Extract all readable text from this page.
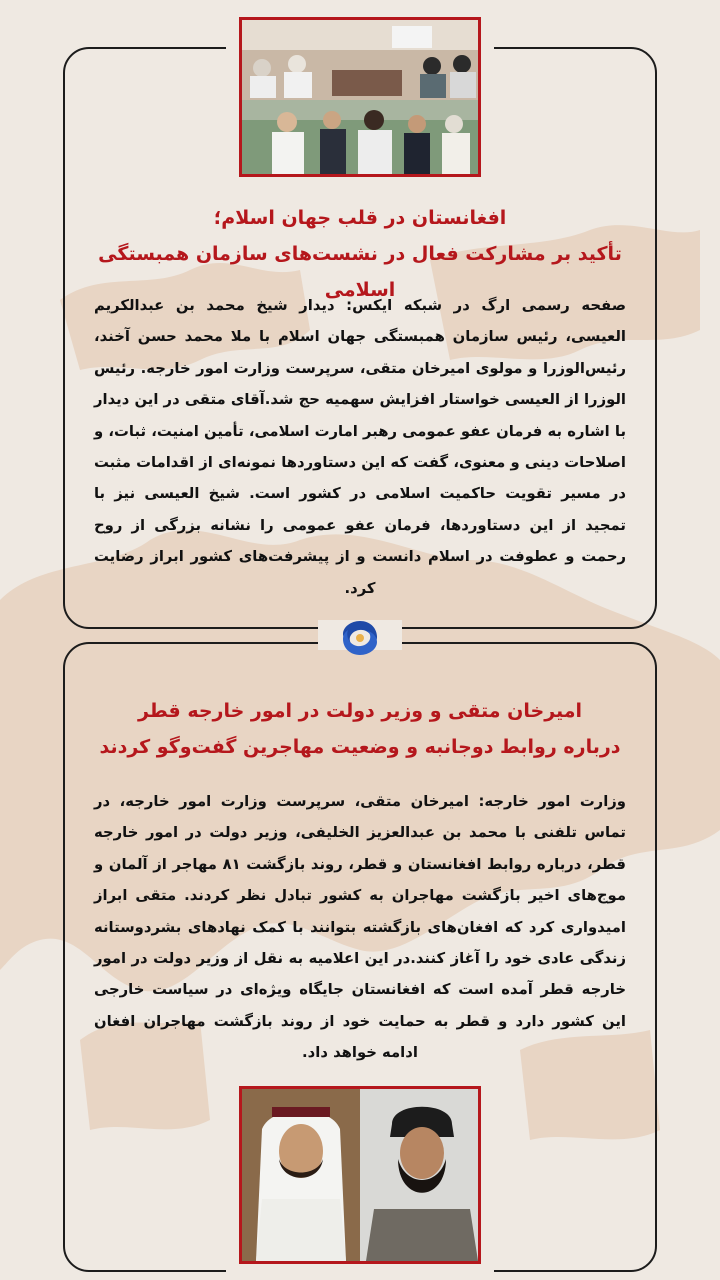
افغانستان در قلب جهان اسلام؛
تأکید بر مشارکت فعال در نشست‌های سازمان همبستگی اسلامی
صفحه رسمی ارگ در شبکه ایکس: دیدار شیخ محمد بن عبدالکریم العیسی، رئیس سازمان همبستگی جهان اسلام با ملا محمد حسن آخند، رئیس‌الوزرا و مولوی امیرخان متقی، سرپرست وزارت امور خارجه. رئیس الوزرا از العیسی خواستار افزایش سهمیه حج شد.آقای متقی در این دیدار با اشاره به فرمان عفو عمومی رهبر امارت اسلامی، تأمین امنیت، ثبات، و اصلاحات دینی و معنوی، گفت که این دستاوردها نمونه‌ای از اقدامات مثبت در مسیر تقویت حاکمیت اسلامی در کشور است. شیخ العیسی نیز با تمجید از این دستاوردها، فرمان عفو عمومی را نشانه بزرگی از روح رحمت و عطوفت در اسلام دانست و از پیشرفت‌های کشور ابراز رضایت کرد.
امیرخان متقی و وزیر دولت در امور خارجه قطر
درباره روابط دوجانبه و وضعیت مهاجرین گفت‌وگو کردند
وزارت امور خارجه: امیرخان متقی، سرپرست وزارت امور خارجه، در تماس تلفنی با محمد بن عبدالعزیز الخلیفی، وزیر دولت در امور خارجه قطر، درباره روابط افغانستان و قطر، روند بازگشت ۸۱ مهاجر از آلمان و موج‌های اخیر بازگشت مهاجران به کشور تبادل نظر کردند. متقی ابراز امیدواری کرد که افغان‌های بازگشته بتوانند با کمک نهادهای بشردوستانه زندگی عادی خود را آغاز کنند.در این اعلامیه به نقل از وزیر دولت در امور خارجه قطر آمده است که افغانستان جایگاه ویژه‌ای در سیاست خارجی این کشور دارد و قطر به حمایت خود از روند بازگشت مهاجران افغان ادامه خواهد داد.
